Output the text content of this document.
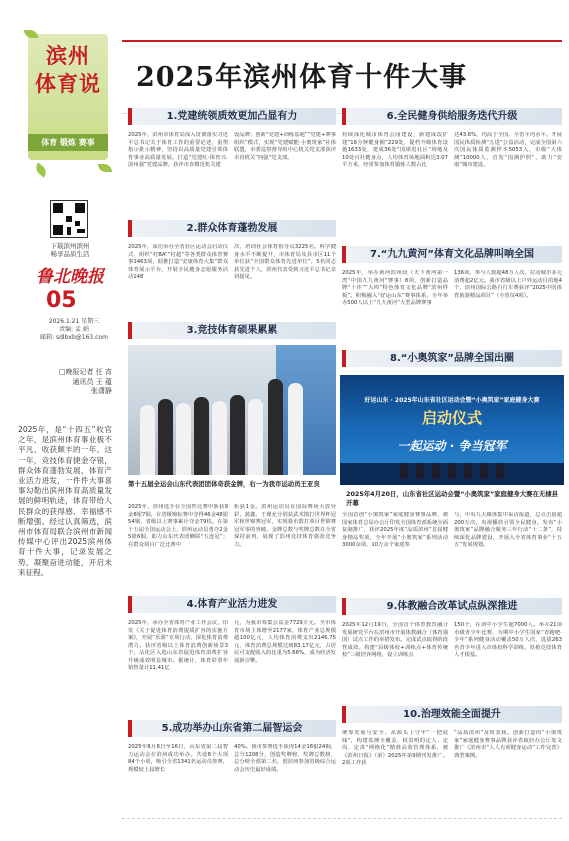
滨州
体育说
体育 锻炼 赛事
下载滨州滨州
畅享品质生活
鲁北晚报
05
2026.1.21 星期三
责编: 孟 娟
邮箱: sdlbxb@163.com
□晚报记者 任 宵
通讯员 王 蕴
张潇静
2025年，是“十四五”收官之年，是滨州体育事业极不平凡、收获颇丰的一年。这一年，竞技体育捷金夺银，群众体育蓬勃发展，体育产业活力进发，一件件大事喜事勾勒出滨州体育高质量发展的鲜明轨迹，体育带给人民群众的获得感、幸福感不断增强。经过认真筛选，滨州市体育局联合滨州市新闻传媒中心评出2025滨州体育十件大事，记录发展之势，凝聚奋进动能，开启未来征程。
2025年滨州体育十件大事
1.党建统领质效更加凸显有力
2025年，滨州市体育局深入贯彻落实习近平总书记关于体育工作的重要论述，重塑指示批示精神，坚持以高质量党建引领体育事业高质量发展。打造“党建红·体育兴·滨州强”党建品牌，获评市直模范机关建
设品牌；创新“党建+训练基地”“党建+赛事组织”模式，实现“党建赋能·小奥筑家”社体联盟，市委巡察督导组中心机关党支部获评市直机关“四强”党支部。
2.群众体育蓬勃发展
2025年，成功举办全省社区运动会启动仪式，组织“村BA”“村超”等各类群众体育赛事1463项，助推打造“安康体育大集”群众体育展示平台，开展全民健身志愿服务活动148
次，培训社会体育指导员3225名。科学健身水平不断提升，市体育局及县市区11个单位获“全国群众体育先进单位”，5名同志获先进个人，滨州代表受到习近平总书记亲切接见。
3.竞技体育硕果累累
第十五届全运会山东代表团团体奇获金牌，右一为我市运动员王亚良
2025年，滨州选手在全国性比赛中斩获9金8银7铜，在省级锦标赛中夺得46金48银54铜，省级以上赛事累计夺金79枚。在第十五届全国运动会上，滨州运动员勇夺2金5银6铜，助力山东代表团蝉联“五连冠”；在群众项目广泛比赛中
斩获1金。滨州运动员在国际赛场大放异彩，蒲鑫、王瑾允分别获武术散打世界杯冠军和世锦赛冠军，实现我市散打项目世锦赛冠军零的突破，金牌总数与奖牌总数在全省保持前列，展现了滨州竞技体育强劲竞争力。
4.体育产业活力进发
2025年，承办全省体育产业工作会议，印发《关于促进体育消费提质扩容的实施方案》，开展“乐游”专项行动，深化体育消费潜力。获评省级以上体育消费创新场景3个，沾化区入选山东省促进体育消费扩容升级成效明显城市。据统计，体育彩票年销售量计11.41亿
元，为我市筹集公益金7729万元。全市体育市场主体增至2177家，体育产业总规模超100亿元，人均体育消费支出2146.75元，体育消费总规模达到83.17亿元，占居民可支配收入的比重为5.66%，成为经济发展新引擎。
5.成功举办山东省第二届智运会
2025年8月8日至16日，山东省第二届智力运动会在滨州成功举办。共设8个大项84个小项，吸引全省1341名运动员参赛，规模较上届增长
40%。我市参赛选手获得14金16银24铜，总分1208分，创造奖牌榜、奖牌总数榜、总分榜全部第二名，创滨州参加省级综合运动会历史最好成绩。
6.全民健身供给服务迭代升级
持续深化城市体育公园建设，新建成改扩建“16分钟健身圈”229处，提档升级体育设施1633处，建成36处“国球进社区”场地及10处百社健身点，人均体育场地面积达3.07平方米，经常参加体育锻炼人数占比
达43.6%，均高于全国、全省平均水平。开展国民体质检测“五进”公益活动，完成全国第六次国民体质监测样本5053人，市级“大体测”10000人，首发“国测护照”，助力“安康”城市建设。
7.“九九黄河”体育文化品牌叫响全国
2025年，举办黄河滨州段（天下黄河第一湾“中国九九黄河”赛事）8项，创新打造品牌“十佳”“大埠”特色体育文化品牌“滨州样板”。积极融入“好运山东”赛事体系，全年举办500人以上“九九黄河”大型品牌赛事
136项，参与人数超48万人次，拉动城市多元消费超2亿元。我市省级以上户外运动目的地4个，滨州国际公路自行车赛获评“2025中国体育旅游精品项目”（全省仅4项）。
8.“小奥筑家”品牌全国出圈
好运山东 · 2025年山东省社区运动会暨“小奥筑家”家庭健身大赛
启动仪式
一起运动 · 争当冠军
2025年4月20日，山东省社区运动会暨“小奥筑家”家庭健身大赛在无棣县开幕
全国首创“小奥筑家”家庭健身赛事品牌，被国家体育总局办公厅印发全国体育部系统全面复制推广，获评2025年度“品质滨州”首届健身精品奖项，全年开展“小奥筑家”系列活动3000余项，10万余个家庭参
与，中央九大媒体集中采访报道，总点击量超200万次，央视播放引领全民健身。发布“小奥筑家”品牌融合服务三年行动“十二条”，持续深化品牌建设，开展入全省体育事业“十五五”发展规划。
9.体教融合改革试点纵深推进
2025年12月19日，全国首个体育教育融合发展研究平台在滨州市开展体教融合（体育强国）试点工作的举措发布。完成试点取得阶段性成效。构建“县级体校+训练点+体育传统校”三级培养网络，设立训练点
150个，在训中小学生超7000人。举办21项市级青少年比赛，为期中小学生国家“青跑吧·少年”系列健身活动覆盖50万人次，选拔263名青少年进入市体校科学训练，厚植竞技体育人才根基。
10.治理效能全面提升
统筹发展与安全，从源头上守牢“一把底线”，构建监测全覆盖、权责明的定人、定岗、定责“网格化”精准高效管理体系，被《滨州日报》（第）2025年第9期刊发推广。2项工作获
“品质滨州”及时表扬。创新打造的“小奥筑家”家庭健身赛事品牌获评省政府办公厅发文推广《滨州市“人人有项健身运动”工作完善》典型案例。
